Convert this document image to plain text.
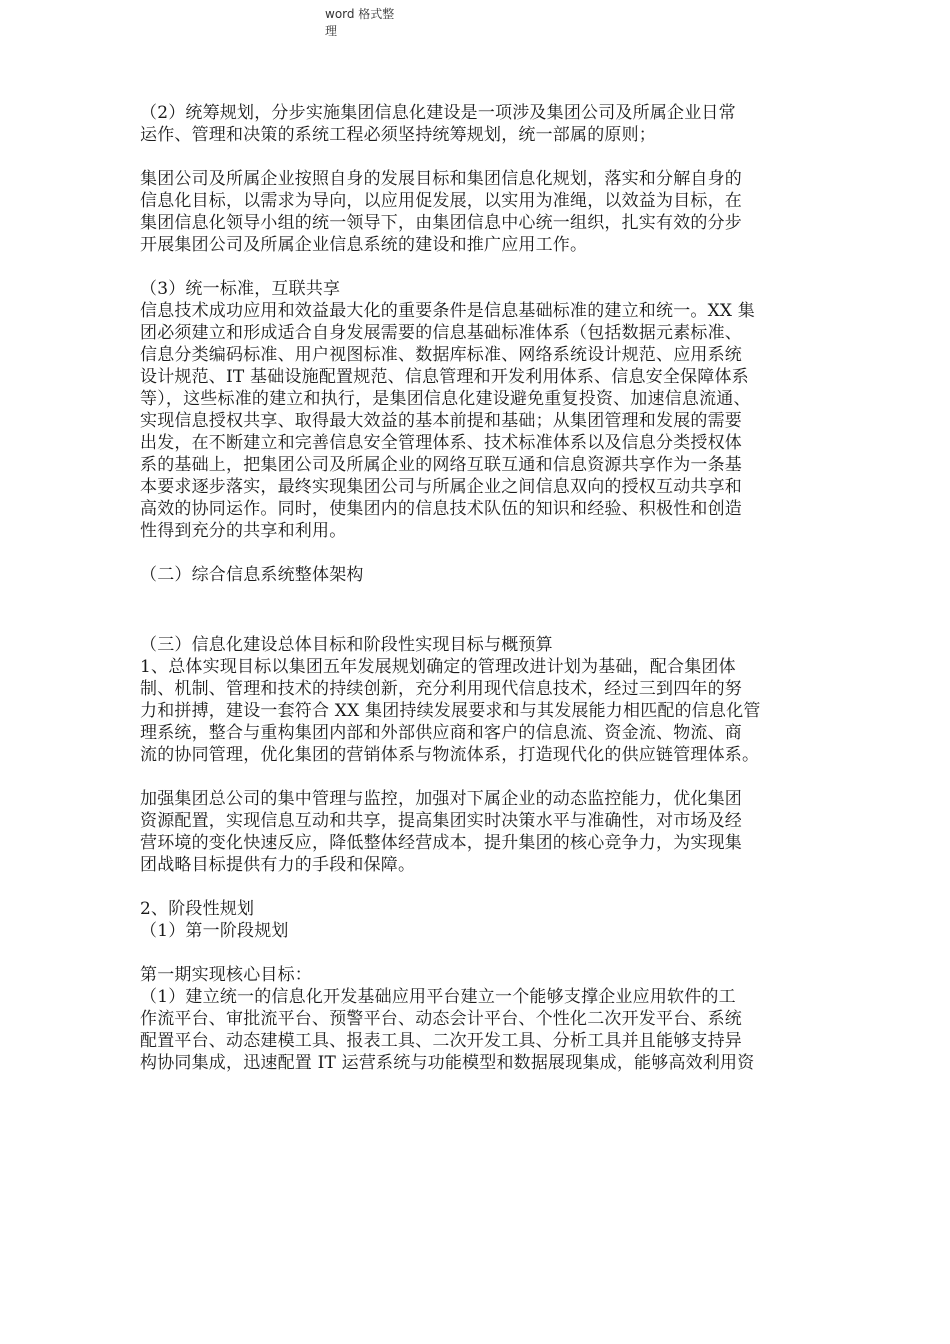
word 格式整
理
（2）统筹规划，分步实施集团信息化建设是一项涉及集团公司及所属企业日常
运作、管理和决策的系统工程必须坚持统筹规划，统一部属的原则；
集团公司及所属企业按照自身的发展目标和集团信息化规划，落实和分解自身的
信息化目标，以需求为导向，以应用促发展，以实用为准绳，以效益为目标，在
集团信息化领导小组的统一领导下，由集团信息中心统一组织，扎实有效的分步
开展集团公司及所属企业信息系统的建设和推广应用工作。
（3）统一标准，互联共享
信息技术成功应用和效益最大化的重要条件是信息基础标准的建立和统一。XX 集
团必须建立和形成适合自身发展需要的信息基础标准体系（包括数据元素标准、
信息分类编码标准、用户视图标准、数据库标准、网络系统设计规范、应用系统
设计规范、IT 基础设施配置规范、信息管理和开发利用体系、信息安全保障体系
等），这些标准的建立和执行，是集团信息化建设避免重复投资、加速信息流通、
实现信息授权共享、取得最大效益的基本前提和基础；从集团管理和发展的需要
出发，在不断建立和完善信息安全管理体系、技术标准体系以及信息分类授权体
系的基础上，把集团公司及所属企业的网络互联互通和信息资源共享作为一条基
本要求逐步落实，最终实现集团公司与所属企业之间信息双向的授权互动共享和
高效的协同运作。同时，使集团内的信息技术队伍的知识和经验、积极性和创造
性得到充分的共享和利用。
（二）综合信息系统整体架构
（三）信息化建设总体目标和阶段性实现目标与概预算
1、总体实现目标以集团五年发展规划确定的管理改进计划为基础，配合集团体
制、机制、管理和技术的持续创新，充分利用现代信息技术，经过三到四年的努
力和拼搏，建设一套符合 XX 集团持续发展要求和与其发展能力相匹配的信息化管
理系统，整合与重构集团内部和外部供应商和客户的信息流、资金流、物流、商
流的协同管理，优化集团的营销体系与物流体系，打造现代化的供应链管理体系。
加强集团总公司的集中管理与监控，加强对下属企业的动态监控能力，优化集团
资源配置，实现信息互动和共享，提高集团实时决策水平与准确性，对市场及经
营环境的变化快速反应，降低整体经营成本，提升集团的核心竞争力，为实现集
团战略目标提供有力的手段和保障。
2、阶段性规划
（1）第一阶段规划
第一期实现核心目标：
（1）建立统一的信息化开发基础应用平台建立一个能够支撑企业应用软件的工
作流平台、审批流平台、预警平台、动态会计平台、个性化二次开发平台、系统
配置平台、动态建模工具、报表工具、二次开发工具、分析工具并且能够支持异
构协同集成，迅速配置 IT 运营系统与功能模型和数据展现集成，能够高效利用资
